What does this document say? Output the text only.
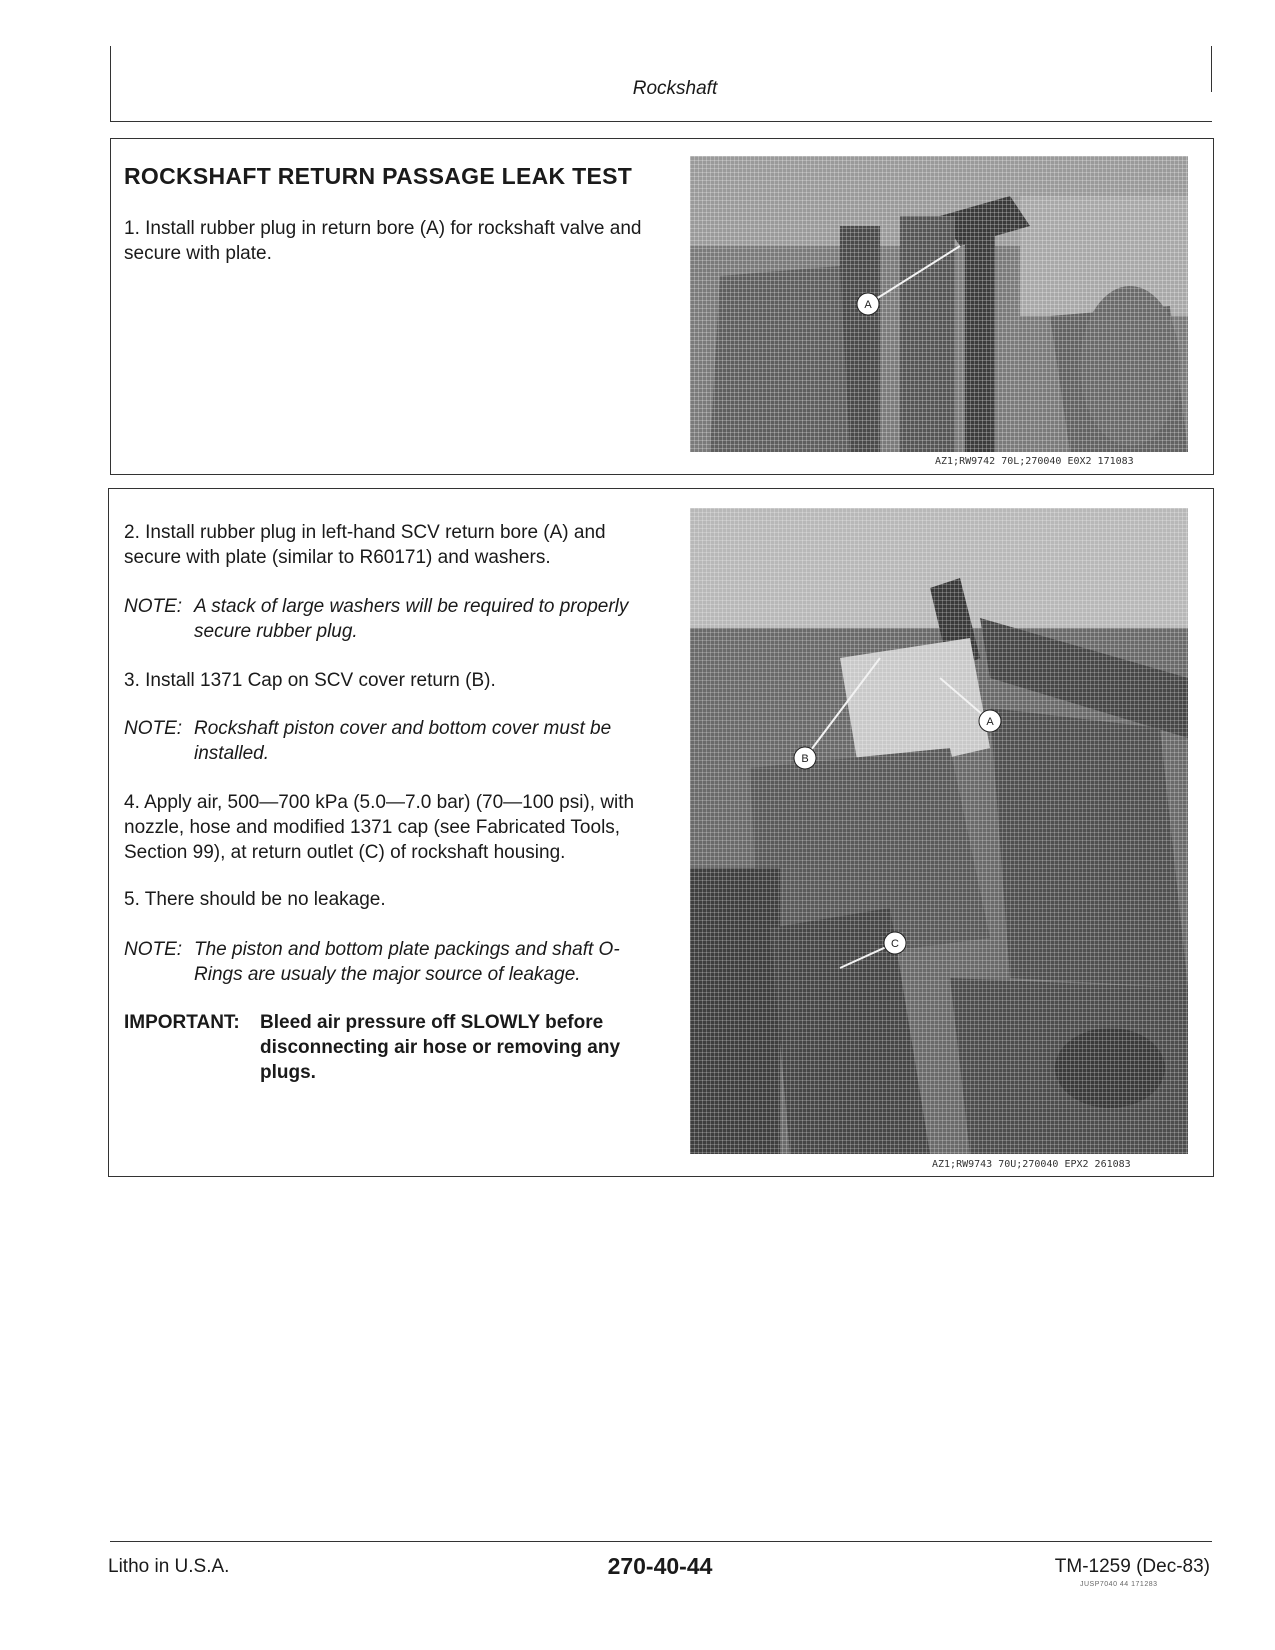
Rockshaft
ROCKSHAFT RETURN PASSAGE LEAK TEST
1. Install rubber plug in return bore (A) for rockshaft valve and secure with plate.
A
AZ1;RW9742 70L;270040 E0X2 171083
2. Install rubber plug in left-hand SCV return bore (A) and secure with plate (similar to R60171) and washers.
NOTE: A stack of large washers will be required to properly secure rubber plug.
3. Install 1371 Cap on SCV cover return (B).
NOTE: Rockshaft piston cover and bottom cover must be installed.
4. Apply air, 500—700 kPa (5.0—7.0 bar) (70—100 psi), with nozzle, hose and modified 1371 cap (see Fabricated Tools, Section 99), at return outlet (C) of rockshaft housing.
5. There should be no leakage.
NOTE: The piston and bottom plate packings and shaft O-Rings are usualy the major source of leakage.
IMPORTANT: Bleed air pressure off SLOWLY before disconnecting air hose or removing any plugs.
B
A
C
AZ1;RW9743 70U;270040 EPX2 261083
Litho in U.S.A.	270-40-44	TM-1259 (Dec-83)
JUSP7040 44 171283
